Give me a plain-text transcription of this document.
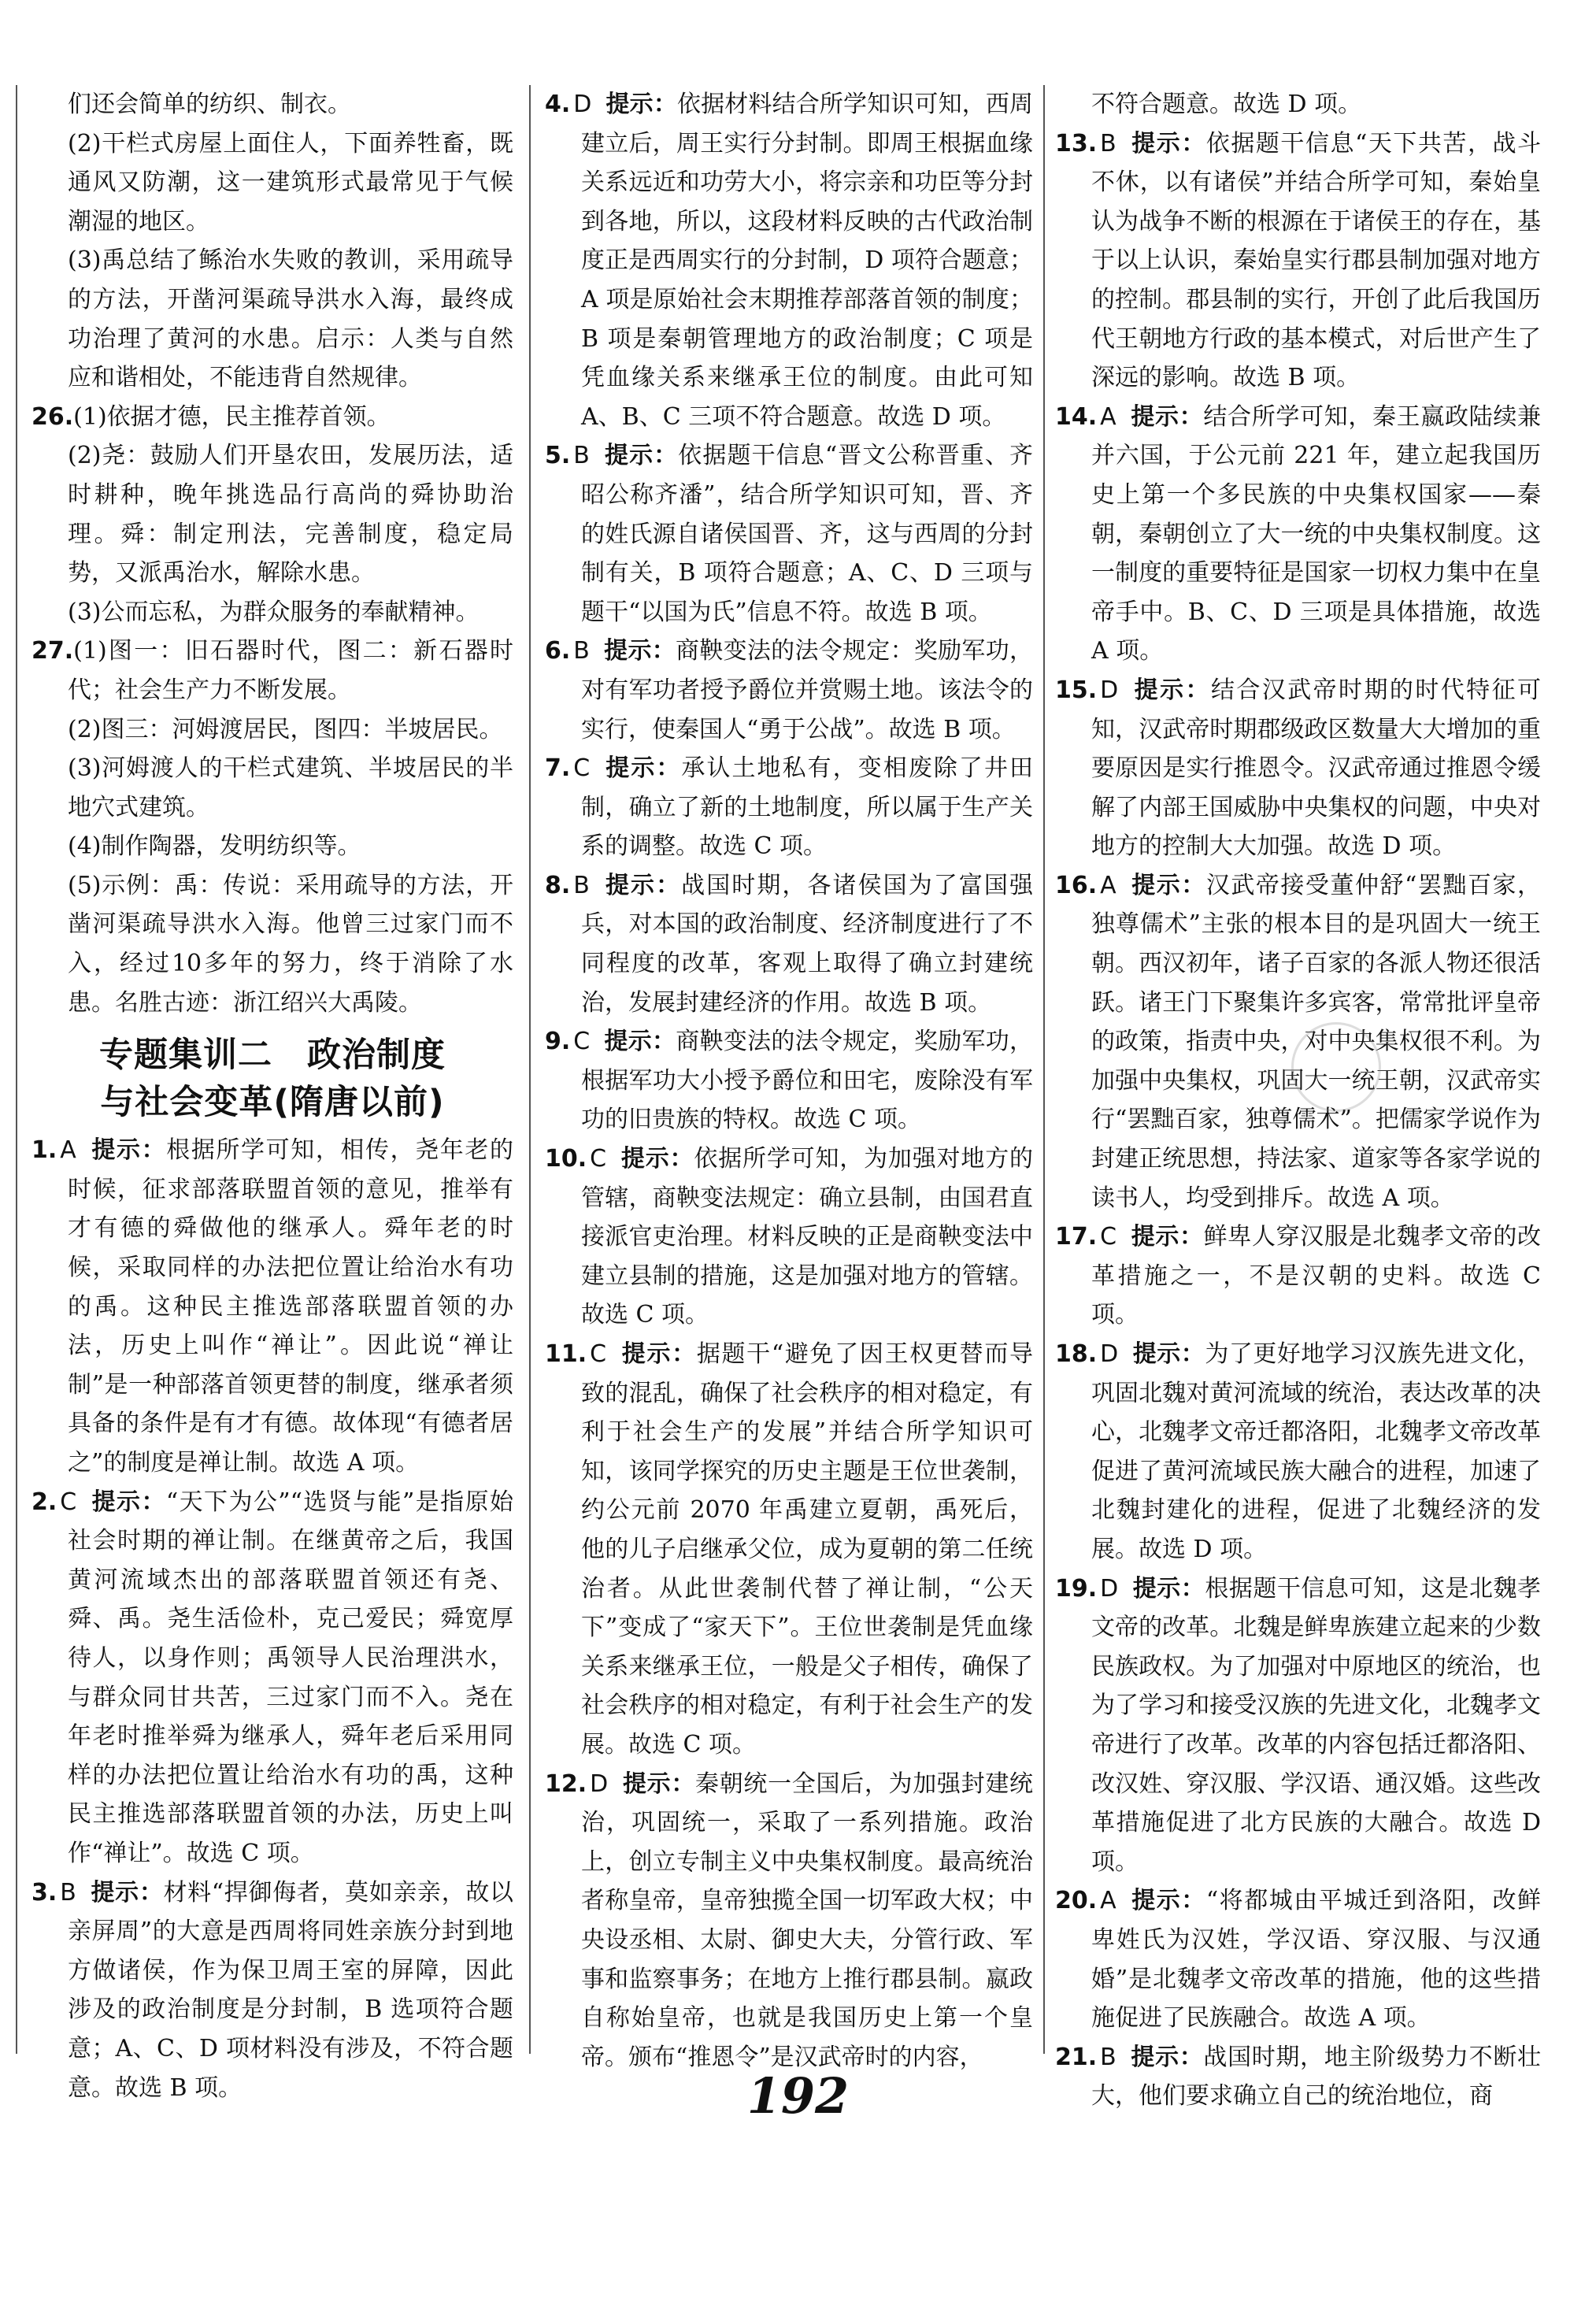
们还会简单的纺织、制衣。

(2)干栏式房屋上面住人，下面养牲畜，既通风又防潮，这一建筑形式最常见于气候潮湿的地区。

(3)禹总结了鲧治水失败的教训，采用疏导的方法，开凿河渠疏导洪水入海，最终成功治理了黄河的水患。启示：人类与自然应和谐相处，不能违背自然规律。

26.(1)依据才德，民主推荐首领。

(2)尧：鼓励人们开垦农田，发展历法，适时耕种，晚年挑选品行高尚的舜协助治理。舜：制定刑法，完善制度，稳定局势，又派禹治水，解除水患。

(3)公而忘私，为群众服务的奉献精神。

27.(1)图一：旧石器时代，图二：新石器时代；社会生产力不断发展。

(2)图三：河姆渡居民，图四：半坡居民。

(3)河姆渡人的干栏式建筑、半坡居民的半地穴式建筑。

(4)制作陶器，发明纺织等。

(5)示例：禹：传说：采用疏导的方法，开凿河渠疏导洪水入海。他曾三过家门而不入，经过10多年的努力，终于消除了水患。名胜古迹：浙江绍兴大禹陵。

专题集训二　政治制度
与社会变革(隋唐以前)

1. A 提示：根据所学可知，相传，尧年老的时候，征求部落联盟首领的意见，推举有才有德的舜做他的继承人。舜年老的时候，采取同样的办法把位置让给治水有功的禹。这种民主推选部落联盟首领的办法，历史上叫作“禅让”。因此说“禅让制”是一种部落首领更替的制度，继承者须具备的条件是有才有德。故体现“有德者居之”的制度是禅让制。故选 A 项。

2. C 提示：“天下为公”“选贤与能”是指原始社会时期的禅让制。在继黄帝之后，我国黄河流域杰出的部落联盟首领还有尧、舜、禹。尧生活俭朴，克己爱民；舜宽厚待人，以身作则；禹领导人民治理洪水，与群众同甘共苦，三过家门而不入。尧在年老时推举舜为继承人，舜年老后采用同样的办法把位置让给治水有功的禹，这种民主推选部落联盟首领的办法，历史上叫作“禅让”。故选 C 项。

3. B 提示：材料“捍御侮者，莫如亲亲，故以亲屏周”的大意是西周将同姓亲族分封到地方做诸侯，作为保卫周王室的屏障，因此涉及的政治制度是分封制，B 选项符合题意；A、C、D 项材料没有涉及，不符合题意。故选 B 项。

4. D 提示：依据材料结合所学知识可知，西周建立后，周王实行分封制。即周王根据血缘关系远近和功劳大小，将宗亲和功臣等分封到各地，所以，这段材料反映的古代政治制度正是西周实行的分封制，D 项符合题意；A 项是原始社会末期推荐部落首领的制度；B 项是秦朝管理地方的政治制度；C 项是凭血缘关系来继承王位的制度。由此可知 A、B、C 三项不符合题意。故选 D 项。

5. B 提示：依据题干信息“晋文公称晋重、齐昭公称齐潘”，结合所学知识可知，晋、齐的姓氏源自诸侯国晋、齐，这与西周的分封制有关，B 项符合题意；A、C、D 三项与题干“以国为氏”信息不符。故选 B 项。

6. B 提示：商鞅变法的法令规定：奖励军功，对有军功者授予爵位并赏赐土地。该法令的实行，使秦国人“勇于公战”。故选 B 项。

7. C 提示：承认土地私有，变相废除了井田制，确立了新的土地制度，所以属于生产关系的调整。故选 C 项。

8. B 提示：战国时期，各诸侯国为了富国强兵，对本国的政治制度、经济制度进行了不同程度的改革，客观上取得了确立封建统治，发展封建经济的作用。故选 B 项。

9. C 提示：商鞅变法的法令规定，奖励军功，根据军功大小授予爵位和田宅，废除没有军功的旧贵族的特权。故选 C 项。

10. C 提示：依据所学可知，为加强对地方的管辖，商鞅变法规定：确立县制，由国君直接派官吏治理。材料反映的正是商鞅变法中建立县制的措施，这是加强对地方的管辖。故选 C 项。

11. C 提示：据题干“避免了因王权更替而导致的混乱，确保了社会秩序的相对稳定，有利于社会生产的发展”并结合所学知识可知，该同学探究的历史主题是王位世袭制，约公元前 2070 年禹建立夏朝，禹死后，他的儿子启继承父位，成为夏朝的第二任统治者。从此世袭制代替了禅让制，“公天下”变成了“家天下”。王位世袭制是凭血缘关系来继承王位，一般是父子相传，确保了社会秩序的相对稳定，有利于社会生产的发展。故选 C 项。

12. D 提示：秦朝统一全国后，为加强封建统治，巩固统一，采取了一系列措施。政治上，创立专制主义中央集权制度。最高统治者称皇帝，皇帝独揽全国一切军政大权；中央设丞相、太尉、御史大夫，分管行政、军事和监察事务；在地方上推行郡县制。嬴政自称始皇帝，也就是我国历史上第一个皇帝。颁布“推恩令”是汉武帝时的内容，

不符合题意。故选 D 项。

13. B 提示：依据题干信息“天下共苦，战斗不休，以有诸侯”并结合所学可知，秦始皇认为战争不断的根源在于诸侯王的存在，基于以上认识，秦始皇实行郡县制加强对地方的控制。郡县制的实行，开创了此后我国历代王朝地方行政的基本模式，对后世产生了深远的影响。故选 B 项。

14. A 提示：结合所学可知，秦王嬴政陆续兼并六国，于公元前 221 年，建立起我国历史上第一个多民族的中央集权国家——秦朝，秦朝创立了大一统的中央集权制度。这一制度的重要特征是国家一切权力集中在皇帝手中。B、C、D 三项是具体措施，故选 A 项。

15. D 提示：结合汉武帝时期的时代特征可知，汉武帝时期郡级政区数量大大增加的重要原因是实行推恩令。汉武帝通过推恩令缓解了内部王国威胁中央集权的问题，中央对地方的控制大大加强。故选 D 项。

16. A 提示：汉武帝接受董仲舒“罢黜百家，独尊儒术”主张的根本目的是巩固大一统王朝。西汉初年，诸子百家的各派人物还很活跃。诸王门下聚集许多宾客，常常批评皇帝的政策，指责中央，对中央集权很不利。为加强中央集权，巩固大一统王朝，汉武帝实行“罢黜百家，独尊儒术”。把儒家学说作为封建正统思想，持法家、道家等各家学说的读书人，均受到排斥。故选 A 项。

17. C 提示：鲜卑人穿汉服是北魏孝文帝的改革措施之一，不是汉朝的史料。故选 C 项。

18. D 提示：为了更好地学习汉族先进文化，巩固北魏对黄河流域的统治，表达改革的决心，北魏孝文帝迁都洛阳，北魏孝文帝改革促进了黄河流域民族大融合的进程，加速了北魏封建化的进程，促进了北魏经济的发展。故选 D 项。

19. D 提示：根据题干信息可知，这是北魏孝文帝的改革。北魏是鲜卑族建立起来的少数民族政权。为了加强对中原地区的统治，也为了学习和接受汉族的先进文化，北魏孝文帝进行了改革。改革的内容包括迁都洛阳、改汉姓、穿汉服、学汉语、通汉婚。这些改革措施促进了北方民族的大融合。故选 D 项。

20. A 提示：“将都城由平城迁到洛阳，改鲜卑姓氏为汉姓，学汉语、穿汉服、与汉通婚”是北魏孝文帝改革的措施，他的这些措施促进了民族融合。故选 A 项。

21. B 提示：战国时期，地主阶级势力不断壮大，他们要求确立自己的统治地位，商

192
